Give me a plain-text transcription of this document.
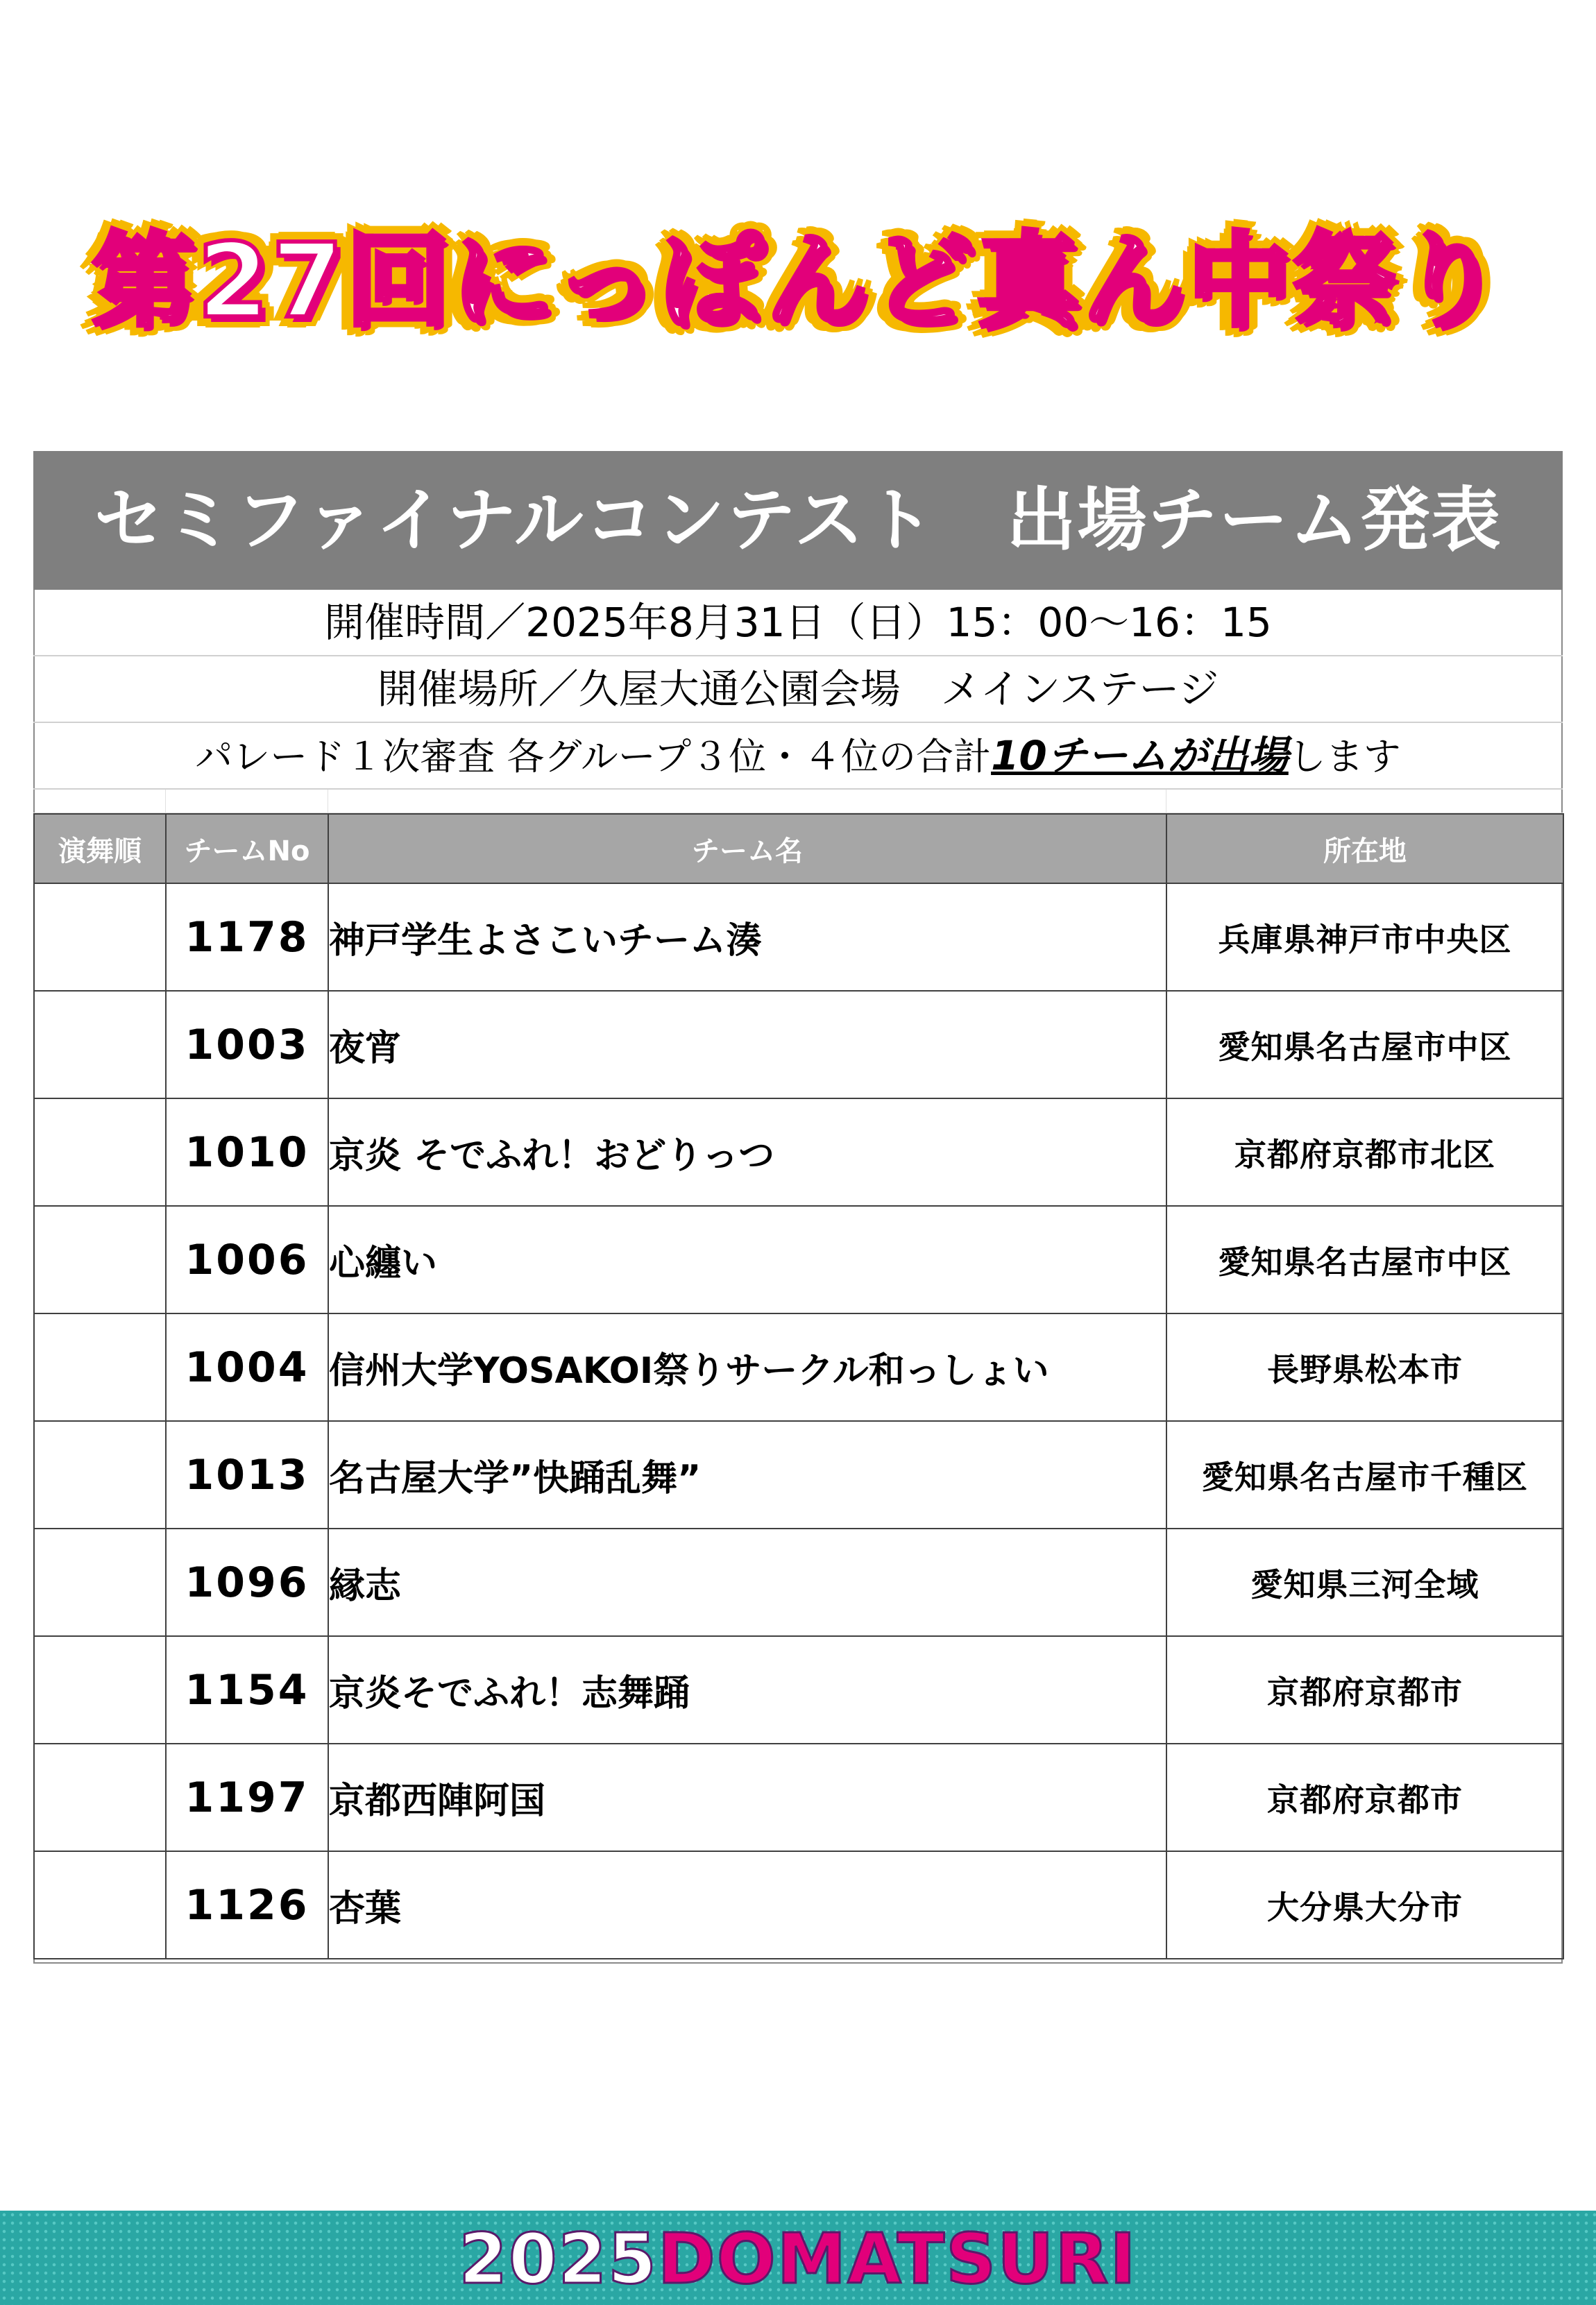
第27回にっぽんど真ん中祭り
セミファイナルコンテスト　出場チーム発表
開催時間／2025年8月31日（日）15：00～16：15
開催場所／久屋大通公園会場　メインステージ
パレード１次審査 各グループ３位・４位の合計10チームが出場します
演舞順	チームNo	チーム名	所在地
	1178	神戸学生よさこいチーム湊	兵庫県神戸市中央区
	1003	夜宵	愛知県名古屋市中区
	1010	京炎 そでふれ！おどりっつ	京都府京都市北区
	1006	心纏い	愛知県名古屋市中区
	1004	信州大学YOSAKOI祭りサークル和っしょい	長野県松本市
	1013	名古屋大学”快踊乱舞”	愛知県名古屋市千種区
	1096	縁志	愛知県三河全域
	1154	京炎そでふれ！志舞踊	京都府京都市
	1197	京都西陣阿国	京都府京都市
	1126	杏葉	大分県大分市
2025DOMATSURI
